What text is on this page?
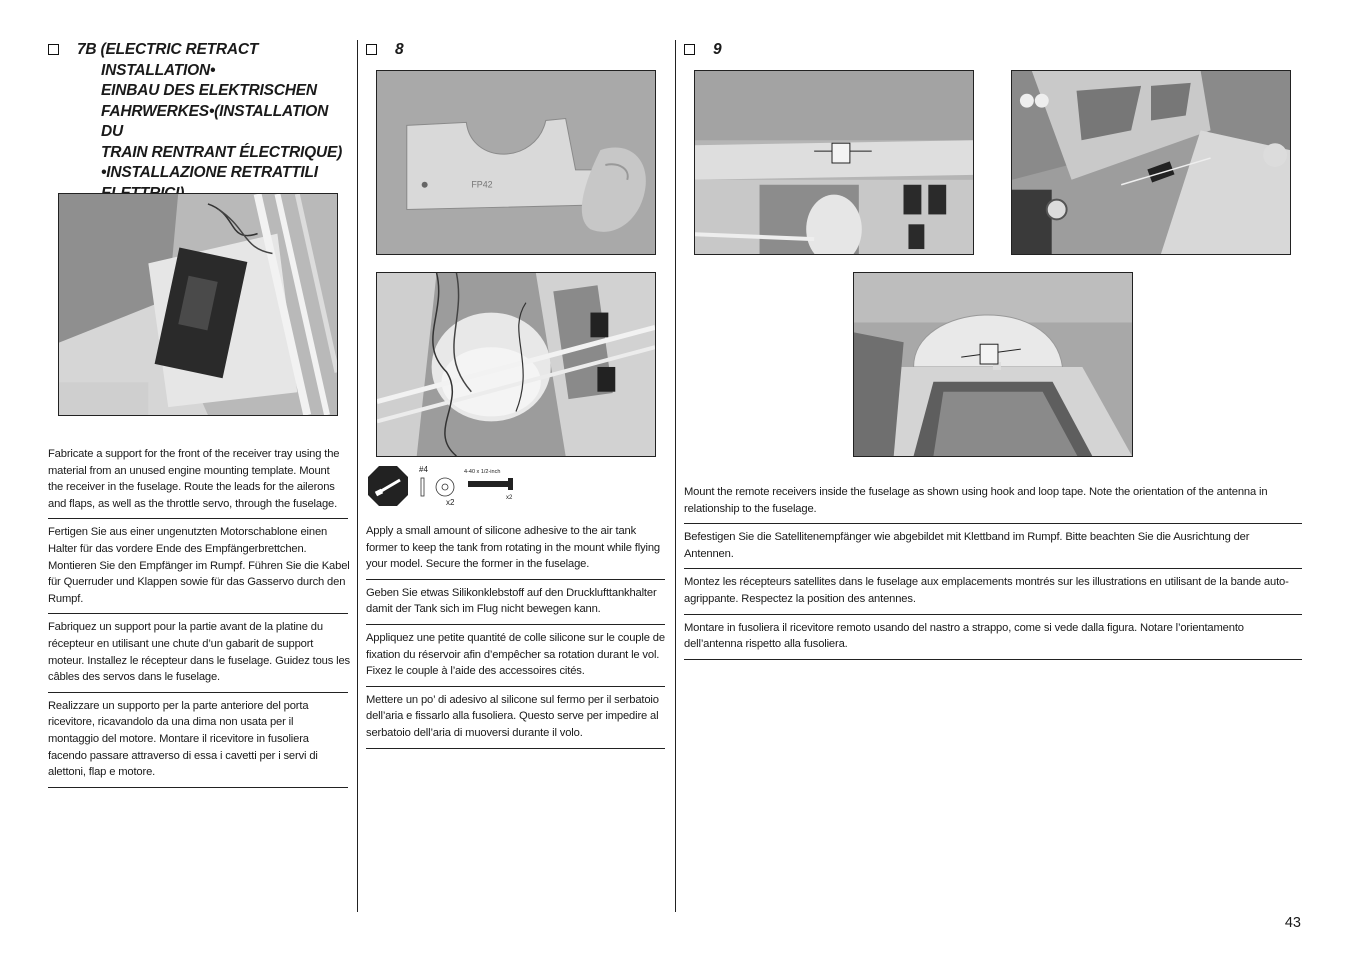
7B (ELECTRIC RETRACT
INSTALLATION•
EINBAU DES ELEKTRISCHEN
FAHRWERKES•(INSTALLATION DU
TRAIN RENTRANT ÉLECTRIQUE)
•INSTALLAZIONE RETRATTILI
Fabricate a support for the front of the receiver tray using the
material from an unused engine mounting template. Mount
the receiver in the fuselage. Route the leads for the ailerons
and flaps, as well as the throttle servo, through the fuselage.
Fertigen Sie aus einer ungenutzten Motorschablone einen
Halter für das vordere Ende des Empfängerbrettchen.
Montieren Sie den Empfänger im Rumpf. Führen Sie die Kabel
für Querruder und Klappen sowie für das Gasservo durch den
Rumpf.
Fabriquez un support pour la partie avant de la platine du
récepteur en utilisant une chute d’un gabarit de support
moteur. Installez le récepteur dans le fuselage. Guidez tous les
câbles des servos dans le fuselage.
Realizzare un supporto per la parte anteriore del porta
ricevitore, ricavandolo da una dima non usata per il
montaggio del motore. Montare il ricevitore in fusoliera
facendo passare attraverso di essa i cavetti per i servi di
alettoni, flap e motore.
8
FP42
#4
x2
4-40 x 1/2-inch
x2
Apply a small amount of silicone adhesive to the air tank
former to keep the tank from rotating in the mount while flying
your model. Secure the former in the fuselage.
Geben Sie etwas Silikonklebstoff auf den Drucklufttankhalter
damit der Tank sich im Flug nicht bewegen kann.
Appliquez une petite quantité de colle silicone sur le couple de
fixation du réservoir afin d’empêcher sa rotation durant le vol.
Fixez le couple à l’aide des accessoires cités.
Mettere un po’ di adesivo al silicone sul fermo per il serbatoio
dell’aria e fissarlo alla fusoliera. Questo serve per impedire al
serbatoio dell’aria di muoversi durante il volo.
9
Mount the remote receivers inside the fuselage as shown using hook and loop tape. Note the orientation of the antenna in
relationship to the fuselage.
Befestigen Sie die Satellitenempfänger wie abgebildet mit Klettband im Rumpf. Bitte beachten Sie die Ausrichtung der
Antennen.
Montez les récepteurs satellites dans le fuselage aux emplacements montrés sur les illustrations en utilisant de la bande auto-
agrippante. Respectez la position des antennes.
Montare in fusoliera il ricevitore remoto usando del nastro a strappo, come si vede dalla figura. Notare l’orientamento
dell’antenna rispetto alla fusoliera.
43
